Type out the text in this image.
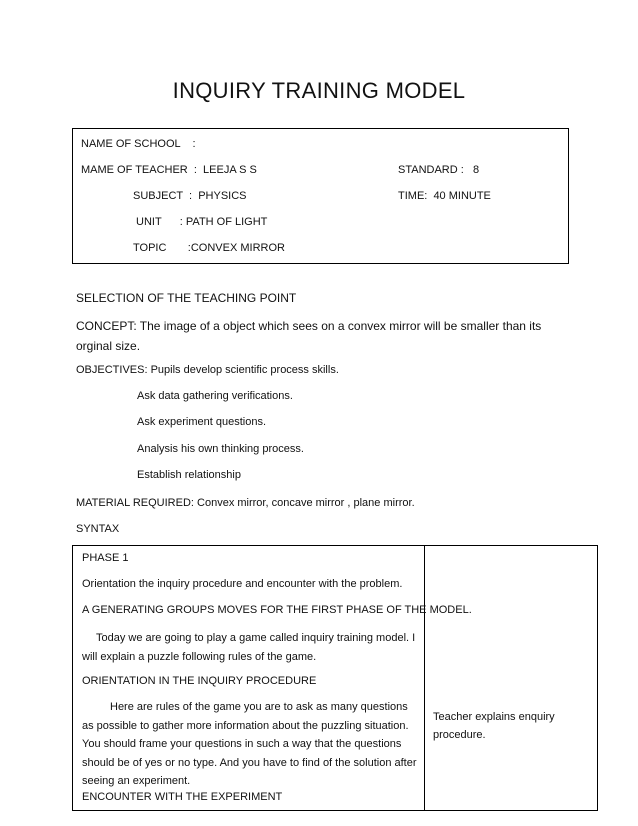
INQUIRY TRAINING MODEL
NAME OF SCHOOL    :
MAME OF TEACHER  :  LEEJA S S	STANDARD :   8
SUBJECT  :  PHYSICS	TIME:  40 MINUTE
UNIT      : PATH OF LIGHT
TOPIC       :CONVEX MIRROR
SELECTION OF THE TEACHING POINT
CONCEPT: The image of a object which sees on a convex mirror will be smaller than its orginal size.
OBJECTIVES: Pupils develop scientific process skills.
Ask data gathering verifications.
Ask experiment questions.
Analysis his own thinking process.
Establish relationship
MATERIAL REQUIRED: Convex mirror, concave mirror , plane mirror.
SYNTAX
PHASE 1
Orientation the inquiry procedure and encounter with the problem.
A GENERATING GROUPS MOVES FOR THE FIRST PHASE OF THE MODEL.
Today we are going to play a game called inquiry training model. I will explain a puzzle following rules of the game.
ORIENTATION IN THE INQUIRY PROCEDURE
Here are rules of the game you are to ask as many questions as possible to gather more information about the puzzling situation. You should frame your questions in such a way that the questions should be of yes or no type. And you have to find of the solution after seeing an experiment.
ENCOUNTER WITH THE EXPERIMENT
Teacher explains enquiry procedure.
